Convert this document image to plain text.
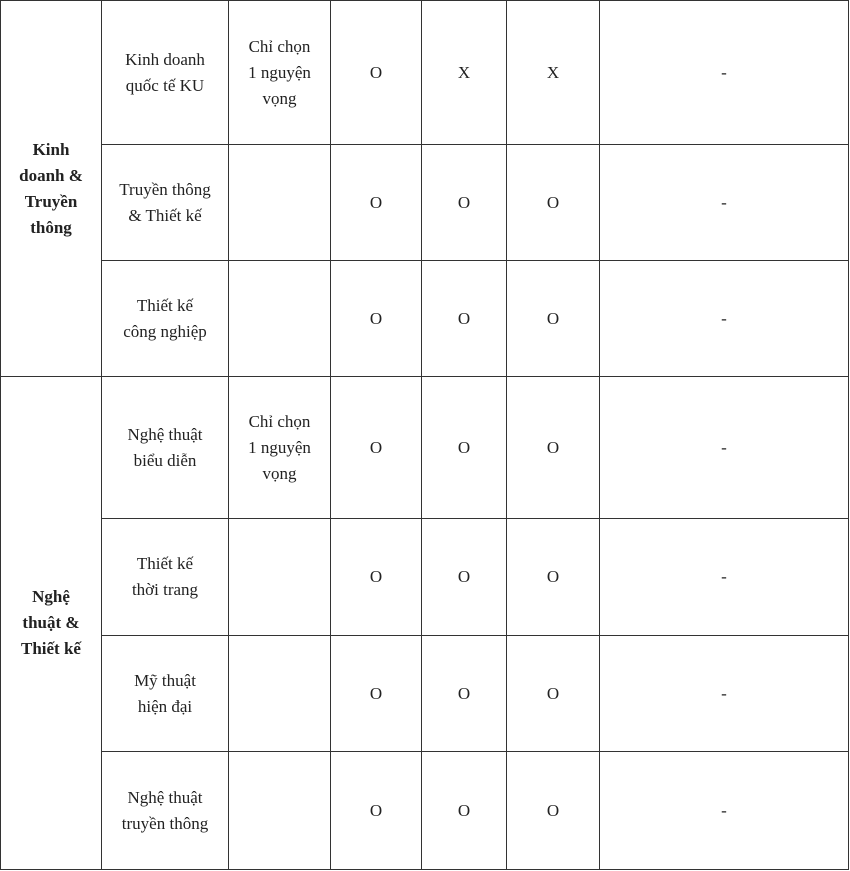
Kinh
doanh &
Truyền
thông	Kinh doanh
quốc tế KU	Chỉ chọn
1 nguyện
vọng	O	X	X	-
	Truyền thông
& Thiết kế		O	O	O	-
	Thiết kế
công nghiệp		O	O	O	-
Nghệ
thuật &
Thiết kế	Nghệ thuật
biểu diễn	Chỉ chọn
1 nguyện
vọng	O	O	O	-
	Thiết kế
thời trang		O	O	O	-
	Mỹ thuật
hiện đại		O	O	O	-
	Nghệ thuật
truyền thông		O	O	O	-
